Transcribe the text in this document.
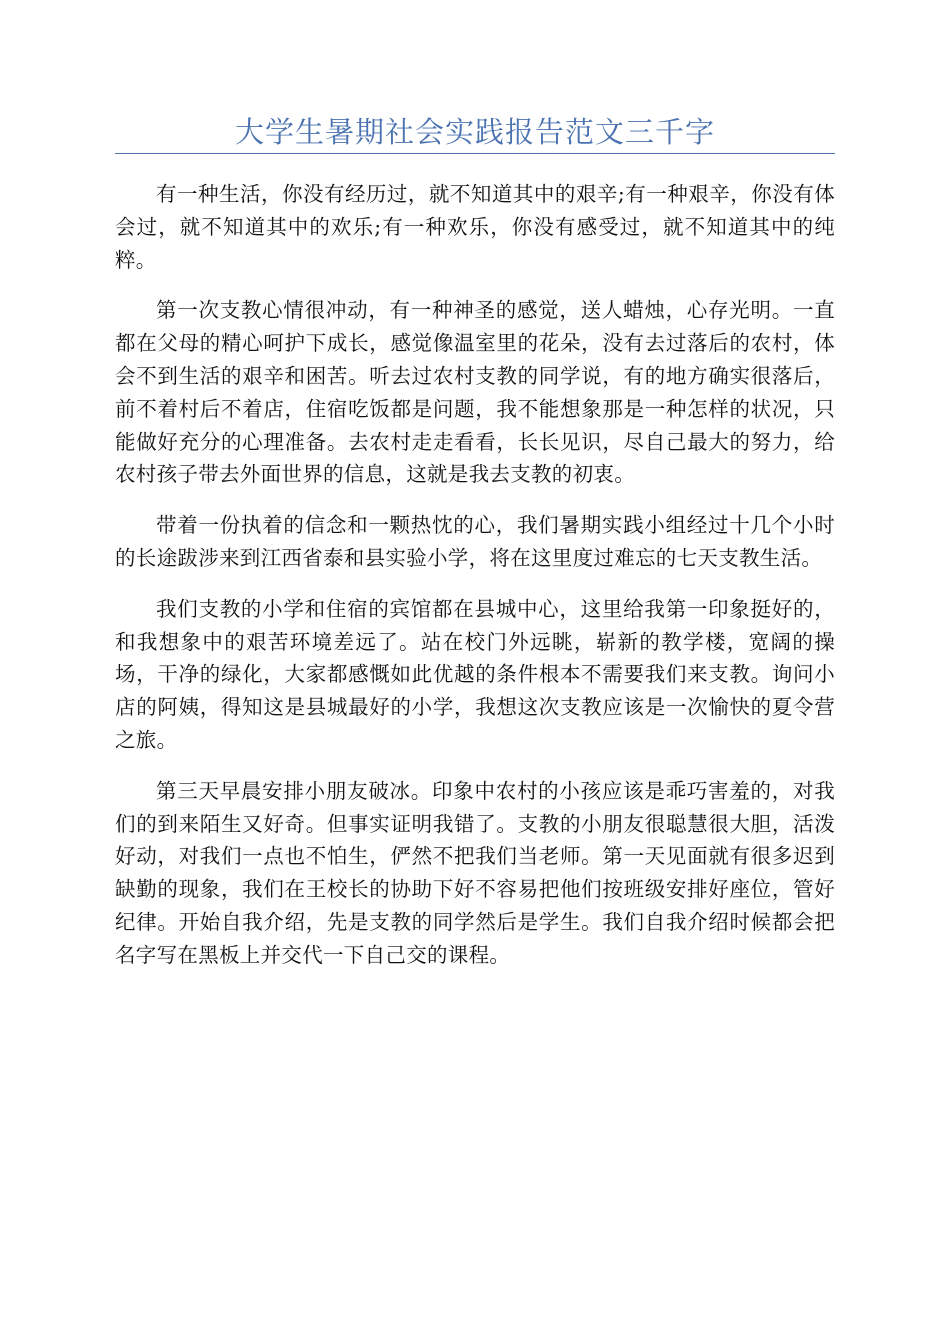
大学生暑期社会实践报告范文三千字

有一种生活，你没有经历过，就不知道其中的艰辛;有一种艰辛，你没有体会过，就不知道其中的欢乐;有一种欢乐，你没有感受过，就不知道其中的纯粹。

第一次支教心情很冲动，有一种神圣的感觉，送人蜡烛，心存光明。一直都在父母的精心呵护下成长，感觉像温室里的花朵，没有去过落后的农村，体会不到生活的艰辛和困苦。听去过农村支教的同学说，有的地方确实很落后，前不着村后不着店，住宿吃饭都是问题，我不能想象那是一种怎样的状况，只能做好充分的心理准备。去农村走走看看，长长见识，尽自己最大的努力，给农村孩子带去外面世界的信息，这就是我去支教的初衷。

带着一份执着的信念和一颗热忱的心，我们暑期实践小组经过十几个小时的长途跋涉来到江西省泰和县实验小学，将在这里度过难忘的七天支教生活。

我们支教的小学和住宿的宾馆都在县城中心，这里给我第一印象挺好的，和我想象中的艰苦环境差远了。站在校门外远眺，崭新的教学楼，宽阔的操场，干净的绿化，大家都感慨如此优越的条件根本不需要我们来支教。询问小店的阿姨，得知这是县城最好的小学，我想这次支教应该是一次愉快的夏令营之旅。

第三天早晨安排小朋友破冰。印象中农村的小孩应该是乖巧害羞的，对我们的到来陌生又好奇。但事实证明我错了。支教的小朋友很聪慧很大胆，活泼好动，对我们一点也不怕生，俨然不把我们当老师。第一天见面就有很多迟到缺勤的现象，我们在王校长的协助下好不容易把他们按班级安排好座位，管好纪律。开始自我介绍，先是支教的同学然后是学生。我们自我介绍时候都会把名字写在黑板上并交代一下自己交的课程。
